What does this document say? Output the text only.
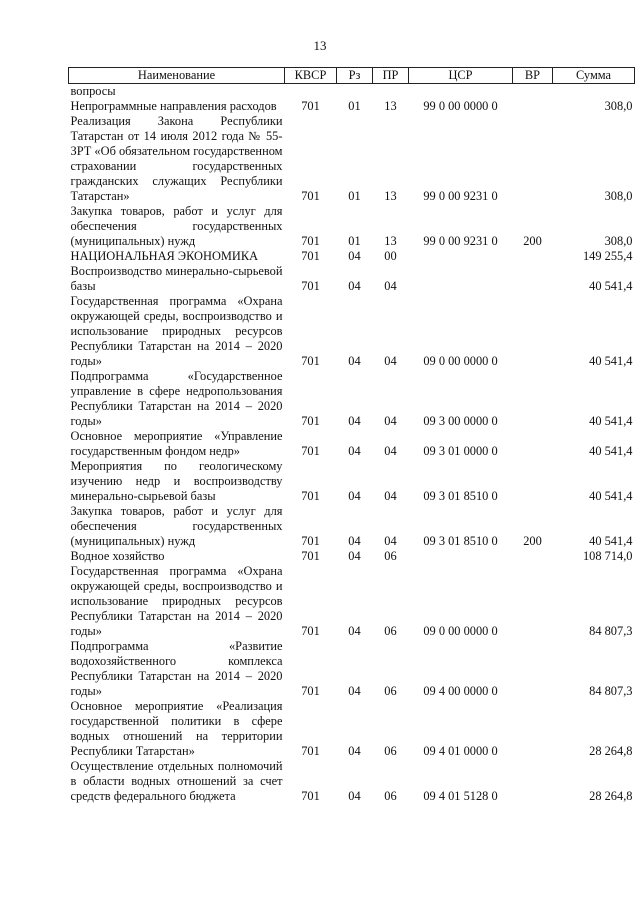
13
Наименование	КВСР	Рз	ПР	ЦСР	ВР	Сумма
вопросы						
Непрограммные направления расходов	701	01	13	99 0 00 0000 0		308,0
Реализация Закона Республики Татарстан от 14 июля 2012 года № 55-ЗРТ «Об обязательном государственном страховании государственных гражданских служащих Республики Татарстан»	701	01	13	99 0 00 9231 0		308,0
Закупка товаров, работ и услуг для обеспечения государственных (муниципальных) нужд	701	01	13	99 0 00 9231 0	200	308,0
НАЦИОНАЛЬНАЯ ЭКОНОМИКА	701	04	00			149 255,4
Воспроизводство минерально-сырьевой базы	701	04	04			40 541,4
Государственная программа «Охрана окружающей среды, воспроизводство и использование природных ресурсов Республики Татарстан на 2014 – 2020 годы»	701	04	04	09 0 00 0000 0		40 541,4
Подпрограмма «Государственное управление в сфере недропользования Республики Татарстан на 2014 – 2020 годы»	701	04	04	09 3 00 0000 0		40 541,4
Основное мероприятие «Управление государственным фондом недр»	701	04	04	09 3 01 0000 0		40 541,4
Мероприятия по геологическому изучению недр и воспроизводству минерально-сырьевой базы	701	04	04	09 3 01 8510 0		40 541,4
Закупка товаров, работ и услуг для обеспечения государственных (муниципальных) нужд	701	04	04	09 3 01 8510 0	200	40 541,4
Водное хозяйство	701	04	06			108 714,0
Государственная программа «Охрана окружающей среды, воспроизводство и использование природных ресурсов Республики Татарстан на 2014 – 2020 годы»	701	04	06	09 0 00 0000 0		84 807,3
Подпрограмма «Развитие водохозяйственного комплекса Республики Татарстан на 2014 – 2020 годы»	701	04	06	09 4 00 0000 0		84 807,3
Основное мероприятие «Реализация государственной политики в сфере водных отношений на территории Республики Татарстан»	701	04	06	09 4 01 0000 0		28 264,8
Осуществление отдельных полномочий в области водных отношений за счет средств федерального бюджета	701	04	06	09 4 01 5128 0		28 264,8
